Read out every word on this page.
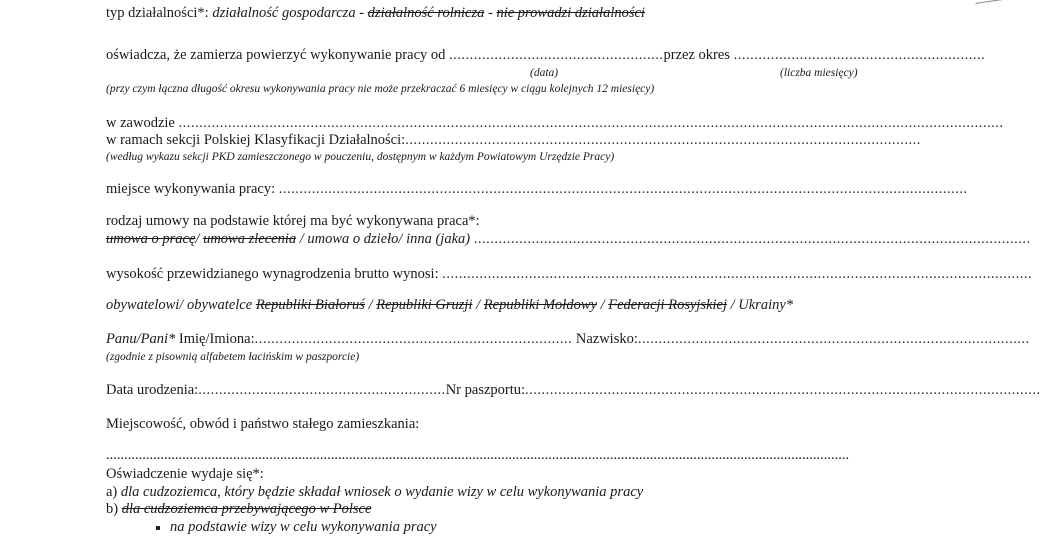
typ działalności*: działalność gospodarcza - działalność rolnicza - nie prowadzi działalności
oświadcza, że zamierza powierzyć wykonywanie pracy od ....................................................przez okres .............................................................
(data)	(liczba miesięcy)
(przy czym łączna długość okresu wykonywania pracy nie może przekraczać 6 miesięcy w ciągu kolejnych 12 miesięcy)
w zawodzie ........................................................................................................................................................................................................
w ramach sekcji Polskiej Klasyfikacji Działalności:.............................................................................................................................
(według wykazu sekcji PKD zamieszczonego w pouczeniu, dostępnym w każdym Powiatowym Urzędzie Pracy)
miejsce wykonywania pracy: .......................................................................................................................................................................
rodzaj umowy na podstawie której ma być wykonywana praca*:
umowa o pracę/ umowa zlecenia / umowa o dzieło/ inna (jaka) .......................................................................................................................................
wysokość przewidzianego wynagrodzenia brutto wynosi: ...............................................................................................................................................
obywatelowi/ obywatelce Republiki Białoruś / Republiki Gruzji / Republiki Mołdowy / Federacji Rosyjskiej / Ukrainy*
Panu/Pani* Imię/Imiona:............................................................................. Nazwisko:...............................................................................................
(zgodnie z pisownią alfabetem łacińskim w paszporcie)
Data urodzenia:............................................................Nr paszportu:.............................................................................................................................
Miejscowość, obwód i państwo stałego zamieszkania:
.............................................................................................................................................................................................................
Oświadczenie wydaje się*:
a) dla cudzoziemca, który będzie składał wniosek o wydanie wizy w celu wykonywania pracy
b) dla cudzoziemca przebywającego w Polsce
na podstawie wizy w celu wykonywania pracy
